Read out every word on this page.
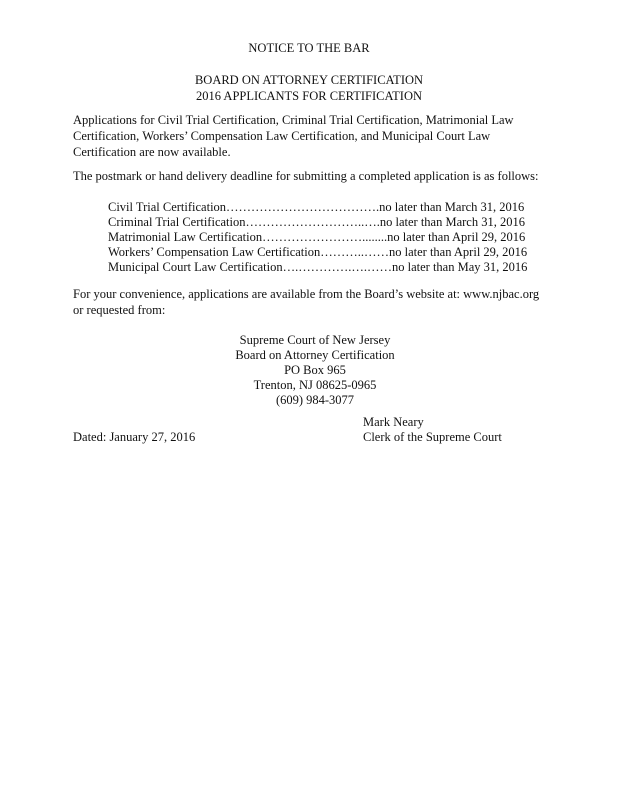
NOTICE TO THE BAR
BOARD ON ATTORNEY CERTIFICATION
2016 APPLICANTS FOR CERTIFICATION
Applications for Civil Trial Certification, Criminal Trial Certification, Matrimonial Law Certification, Workers’ Compensation Law Certification, and Municipal Court Law Certification are now available.
The postmark or hand delivery deadline for submitting a completed application is as follows:
Civil Trial Certification……………………………….no later than March 31, 2016
Criminal Trial Certification………………………..….no later than March 31, 2016
Matrimonial Law Certification……………………........no later than April 29, 2016
Workers’ Compensation Law Certification………..……no later than April 29, 2016
Municipal Court Law Certification….………….….……no later than May 31, 2016
For your convenience, applications are available from the Board’s website at: www.njbac.org or requested from:
Supreme Court of New Jersey
Board on Attorney Certification
PO Box 965
Trenton, NJ 08625-0965
(609) 984-3077
Mark Neary
Clerk of the Supreme Court
Dated: January 27, 2016
